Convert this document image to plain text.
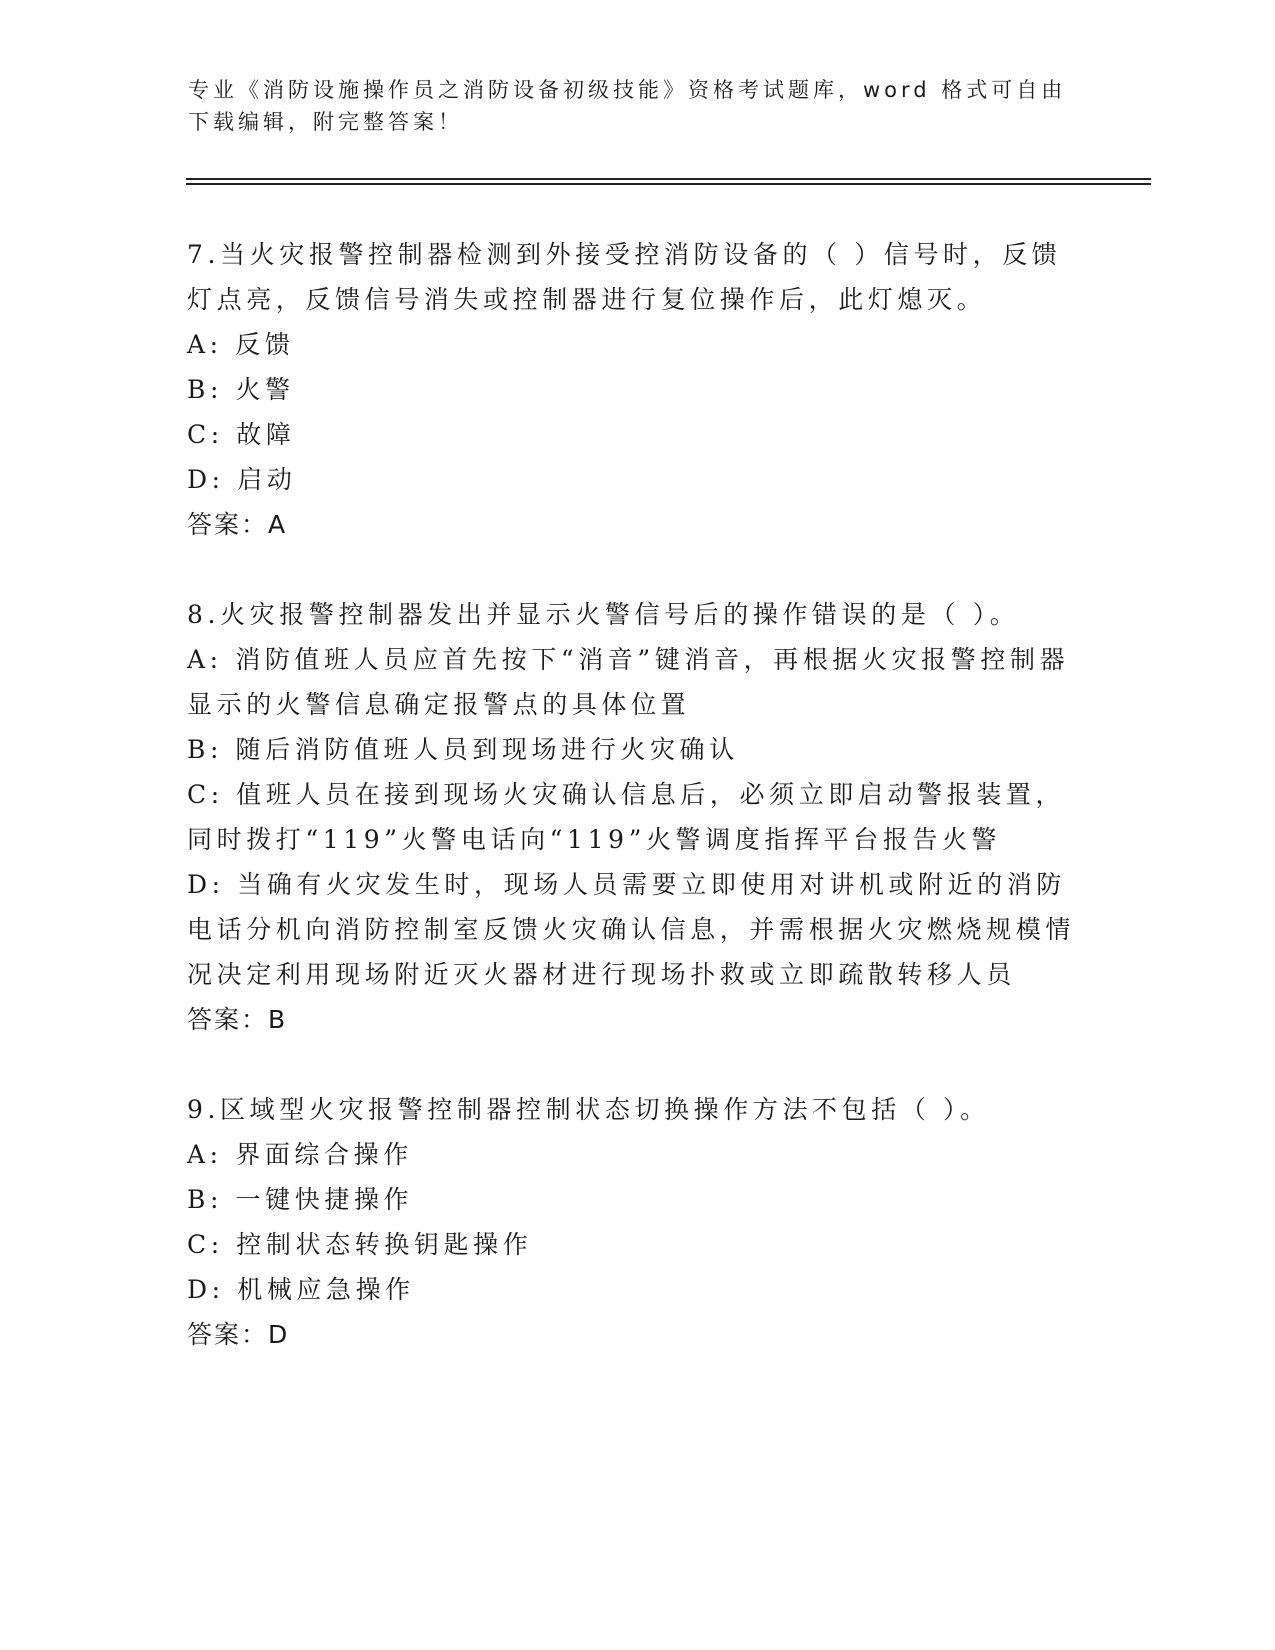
专业《消防设施操作员之消防设备初级技能》资格考试题库，word 格式可自由下载编辑，附完整答案！

7.当火灾报警控制器检测到外接受控消防设备的（ ）信号时，反馈灯点亮，反馈信号消失或控制器进行复位操作后，此灯熄灭。

A: 反馈

B: 火警

C: 故障

D: 启动

答案：A

8.火灾报警控制器发出并显示火警信号后的操作错误的是（ ）。

A: 消防值班人员应首先按下“消音”键消音，再根据火灾报警控制器显示的火警信息确定报警点的具体位置

B: 随后消防值班人员到现场进行火灾确认

C: 值班人员在接到现场火灾确认信息后，必须立即启动警报装置，同时拨打“119”火警电话向“119”火警调度指挥平台报告火警

D: 当确有火灾发生时，现场人员需要立即使用对讲机或附近的消防电话分机向消防控制室反馈火灾确认信息，并需根据火灾燃烧规模情况决定利用现场附近灭火器材进行现场扑救或立即疏散转移人员

答案：B

9.区域型火灾报警控制器控制状态切换操作方法不包括（ ）。

A: 界面综合操作

B: 一键快捷操作

C: 控制状态转换钥匙操作

D: 机械应急操作

答案：D
